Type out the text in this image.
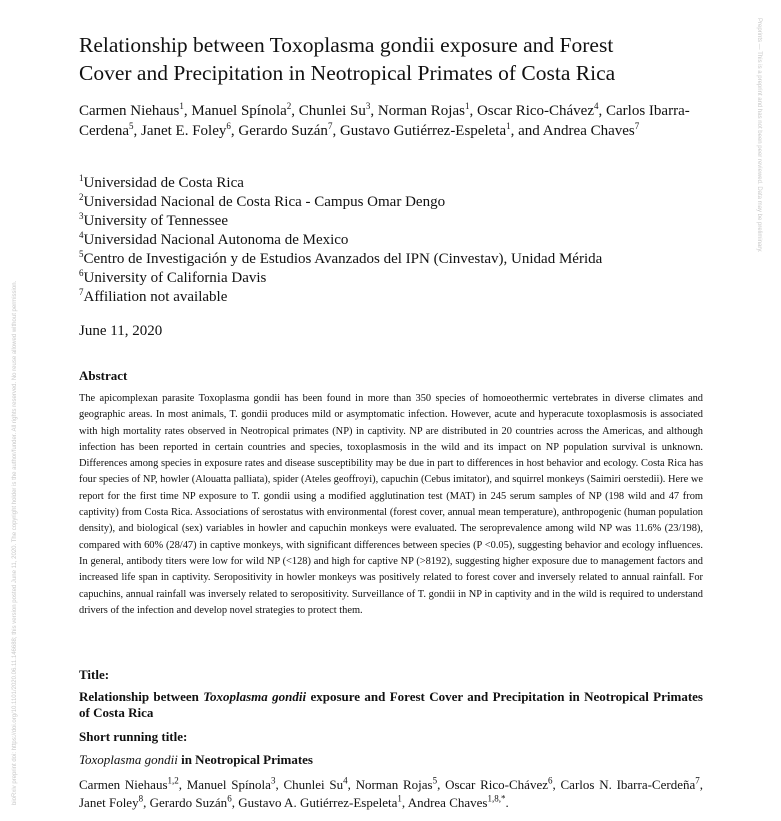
bioRxiv preprint doi: https://doi.org/10.1101/2020.06.11.146688; this version posted June 11, 2020. The copyright holder is the author/funder. All rights reserved. No reuse allowed without permission.
Preprints — This is a preprint and has not been peer reviewed. Data may be preliminary.
Relationship between Toxoplasma gondii exposure and Forest
Cover and Precipitation in Neotropical Primates of Costa Rica
Carmen Niehaus$^1$, Manuel Spínola$^2$, Chunlei Su$^3$, Norman Rojas$^1$, Oscar Rico-Chávez$^4$, Carlos Ibarra-Cerdena$^5$, Janet E. Foley$^6$, Gerardo Suzán$^7$, Gustavo Gutiérrez-Espeleta$^1$, and Andrea Chaves$^7$
$^1$Universidad de Costa Rica
$^2$Universidad Nacional de Costa Rica - Campus Omar Dengo
$^3$University of Tennessee
$^4$Universidad Nacional Autonoma de Mexico
$^5$Centro de Investigación y de Estudios Avanzados del IPN (Cinvestav), Unidad Mérida
$^6$University of California Davis
$^7$Affiliation not available
June 11, 2020
Abstract

The apicomplexan parasite Toxoplasma gondii has been found in more than 350 species of homoeothermic vertebrates in diverse climates and geographic areas. In most animals, T. gondii produces mild or asymptomatic infection. However, acute and hyperacute toxoplasmosis is associated with high mortality rates observed in Neotropical primates (NP) in captivity. NP are distributed in 20 countries across the Americas, and although infection has been reported in certain countries and species, toxoplasmosis in the wild and its impact on NP population survival is unknown. Differences among species in exposure rates and disease susceptibility may be due in part to differences in host behavior and ecology. Costa Rica has four species of NP, howler (Alouatta palliata), spider (Ateles geoffroyi), capuchin (Cebus imitator), and squirrel monkeys (Saimiri oerstedii). Here we report for the first time NP exposure to T. gondii using a modified agglutination test (MAT) in 245 serum samples of NP (198 wild and 47 from captivity) from Costa Rica. Associations of serostatus with environmental (forest cover, annual mean temperature), anthropogenic (human population density), and biological (sex) variables in howler and capuchin monkeys were evaluated. The seroprevalence among wild NP was 11.6% (23/198), compared with 60% (28/47) in captive monkeys, with significant differences between species (P <0.05), suggesting behavior and ecology influences. In general, antibody titers were low for wild NP (<128) and high for captive NP (>8192), suggesting higher exposure due to management factors and increased life span in captivity. Seropositivity in howler monkeys was positively related to forest cover and inversely related to annual rainfall. For capuchins, annual rainfall was inversely related to seropositivity. Surveillance of T. gondii in NP in captivity and in the wild is required to understand drivers of the infection and develop novel strategies to protect them.

Title:

Relationship between Toxoplasma gondii exposure and Forest Cover and Precipitation in Neotropical Primates of Costa Rica

Short running title:

Toxoplasma gondii in Neotropical Primates

Carmen Niehaus$^{1,2}$, Manuel Spínola$^3$, Chunlei Su$^4$, Norman Rojas$^5$, Oscar Rico-Chávez$^6$, Carlos N. Ibarra-Cerdeña$^7$, Janet Foley$^8$, Gerardo Suzán$^6$, Gustavo A. Gutiérrez-Espeleta$^1$, Andrea Chaves$^{1,8,*}$.
